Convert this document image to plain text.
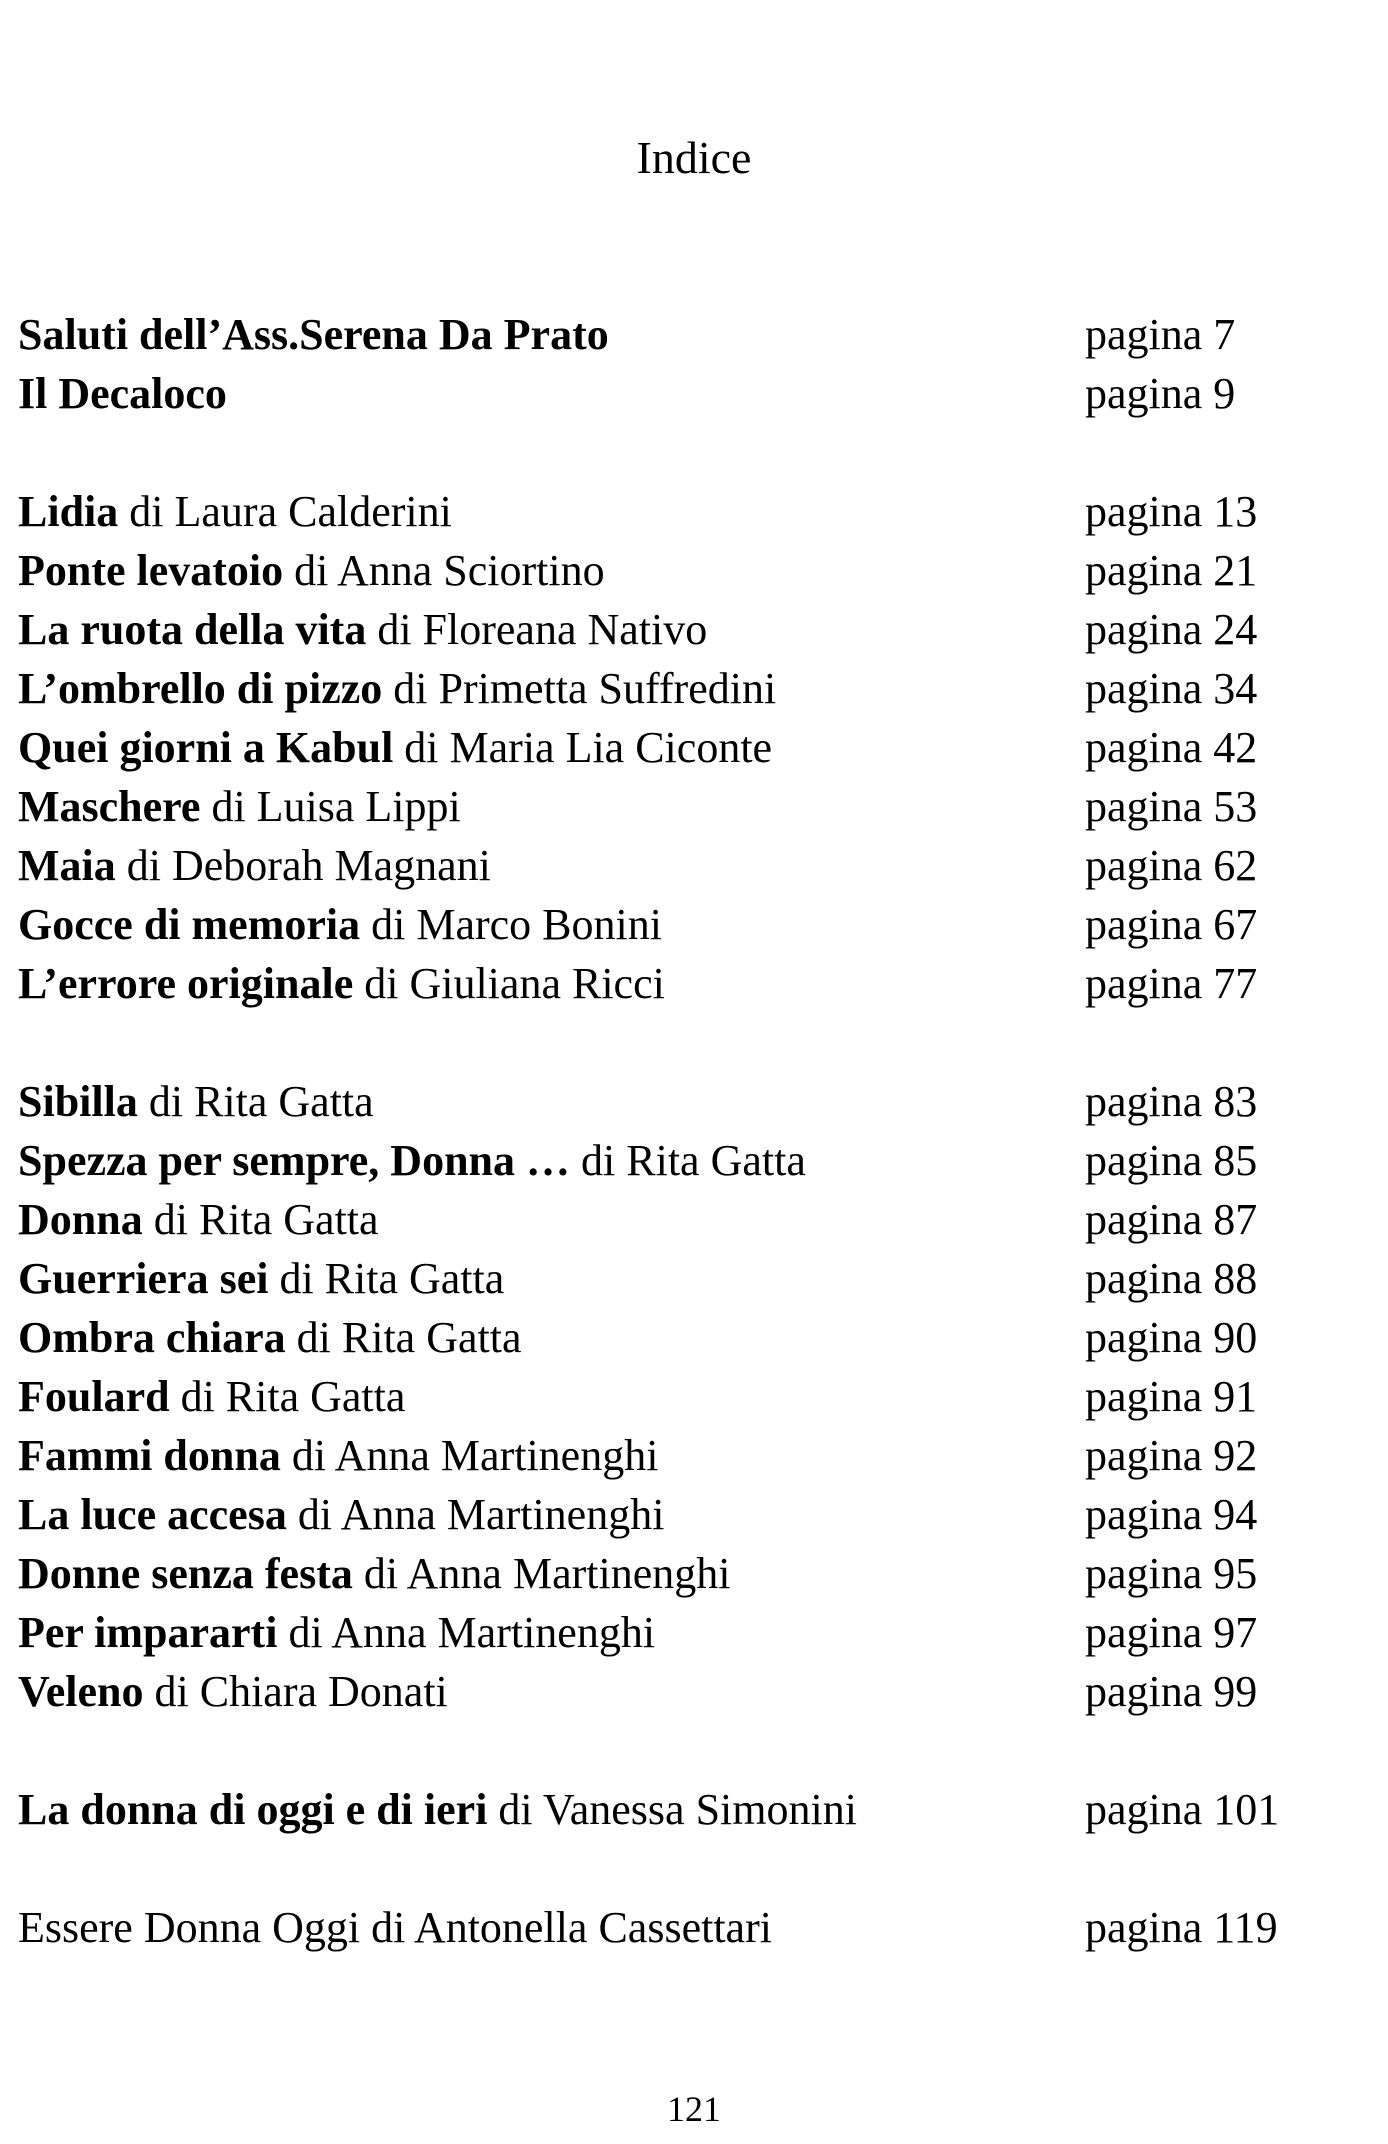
Indice
Saluti dell’Ass.Serena Da Prato	pagina 7
Il Decaloco	pagina 9
Lidia di Laura Calderini	pagina 13
Ponte levatoio di Anna Sciortino	pagina 21
La ruota della vita di Floreana Nativo	pagina 24
L’ombrello di pizzo di Primetta Suffredini	pagina 34
Quei giorni a Kabul di Maria Lia Ciconte	pagina 42
Maschere di Luisa Lippi	pagina 53
Maia di Deborah Magnani	pagina 62
Gocce di memoria di Marco Bonini	pagina 67
L’errore originale di Giuliana Ricci	pagina 77
Sibilla di Rita Gatta	pagina 83
Spezza per sempre, Donna … di Rita Gatta	pagina 85
Donna di Rita Gatta	pagina 87
Guerriera sei di Rita Gatta	pagina 88
Ombra chiara di Rita Gatta	pagina 90
Foulard di Rita Gatta	pagina 91
Fammi donna di Anna Martinenghi	pagina 92
La luce accesa di Anna Martinenghi	pagina 94
Donne senza festa di Anna Martinenghi	pagina 95
Per impararti di Anna Martinenghi	pagina 97
Veleno di Chiara Donati	pagina 99
La donna di oggi e di ieri di Vanessa Simonini	pagina 101
Essere Donna Oggi di Antonella Cassettari	pagina 119
121
